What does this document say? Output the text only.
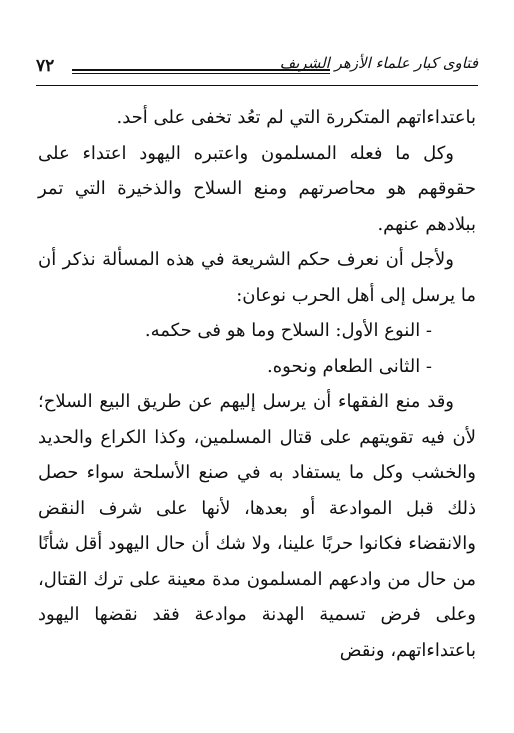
فتاوى كبار علماء الأزهر الشريف
٧٢

باعتداءاتهم المتكررة التي لم تعُد تخفى على أحد.

وكل ما فعله المسلمون واعتبره اليهود اعتداء على حقوقهم هو محاصرتهم ومنع السلاح والذخيرة التي تمر ببلادهم عنهم.

ولأجل أن نعرف حكم الشريعة في هذه المسألة نذكر أن ما يرسل إلى أهل الحرب نوعان:

- النوع الأول: السلاح وما هو فى حكمه.

- الثانى الطعام ونحوه.

وقد منع الفقهاء أن يرسل إليهم عن طريق البيع السلاح؛ لأن فيه تقويتهم على قتال المسلمين، وكذا الكراع والحديد والخشب وكل ما يستفاد به في صنع الأسلحة سواء حصل ذلك قبل الموادعة أو بعدها، لأنها على شرف النقض والانقضاء فكانوا حربًا علينا، ولا شك أن حال اليهود أقل شأنًا من حال من وادعهم المسلمون مدة معينة على ترك القتال، وعلى فرض تسمية الهدنة موادعة فقد نقضها اليهود باعتداءاتهم، ونقض
